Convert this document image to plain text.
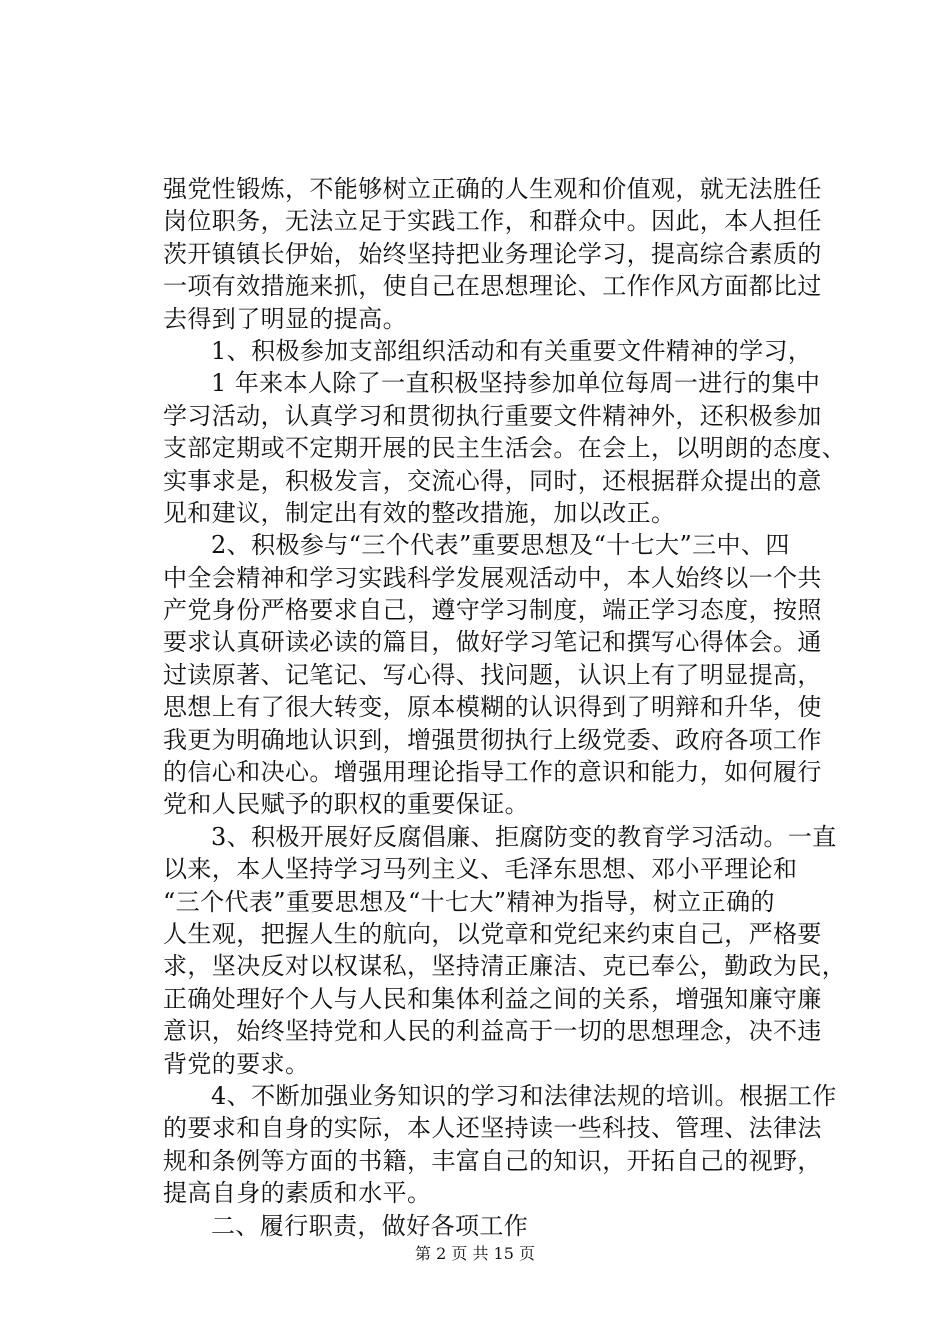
强党性锻炼，不能够树立正确的人生观和价值观，就无法胜任
岗位职务，无法立足于实践工作，和群众中。因此，本人担任
茨开镇镇长伊始，始终坚持把业务理论学习，提高综合素质的
一项有效措施来抓，使自己在思想理论、工作作风方面都比过
去得到了明显的提高。
1、积极参加支部组织活动和有关重要文件精神的学习，
1 年来本人除了一直积极坚持参加单位每周一进行的集中
学习活动，认真学习和贯彻执行重要文件精神外，还积极参加
支部定期或不定期开展的民主生活会。在会上，以明朗的态度、
实事求是，积极发言，交流心得，同时，还根据群众提出的意
见和建议，制定出有效的整改措施，加以改正。
2、积极参与“三个代表”重要思想及“十七大”三中、四
中全会精神和学习实践科学发展观活动中，本人始终以一个共
产党身份严格要求自己，遵守学习制度，端正学习态度，按照
要求认真研读必读的篇目，做好学习笔记和撰写心得体会。通
过读原著、记笔记、写心得、找问题，认识上有了明显提高，
思想上有了很大转变，原本模糊的认识得到了明辩和升华，使
我更为明确地认识到，增强贯彻执行上级党委、政府各项工作
的信心和决心。增强用理论指导工作的意识和能力，如何履行
党和人民赋予的职权的重要保证。
3、积极开展好反腐倡廉、拒腐防变的教育学习活动。一直
以来，本人坚持学习马列主义、毛泽东思想、邓小平理论和
“三个代表”重要思想及“十七大”精神为指导，树立正确的
人生观，把握人生的航向，以党章和党纪来约束自己，严格要
求，坚决反对以权谋私，坚持清正廉洁、克已奉公，勤政为民，
正确处理好个人与人民和集体利益之间的关系，增强知廉守廉
意识，始终坚持党和人民的利益高于一切的思想理念，决不违
背党的要求。
4、不断加强业务知识的学习和法律法规的培训。根据工作
的要求和自身的实际，本人还坚持读一些科技、管理、法律法
规和条例等方面的书籍，丰富自己的知识，开拓自己的视野，
提高自身的素质和水平。
二、履行职责，做好各项工作
第 2 页 共 15 页
